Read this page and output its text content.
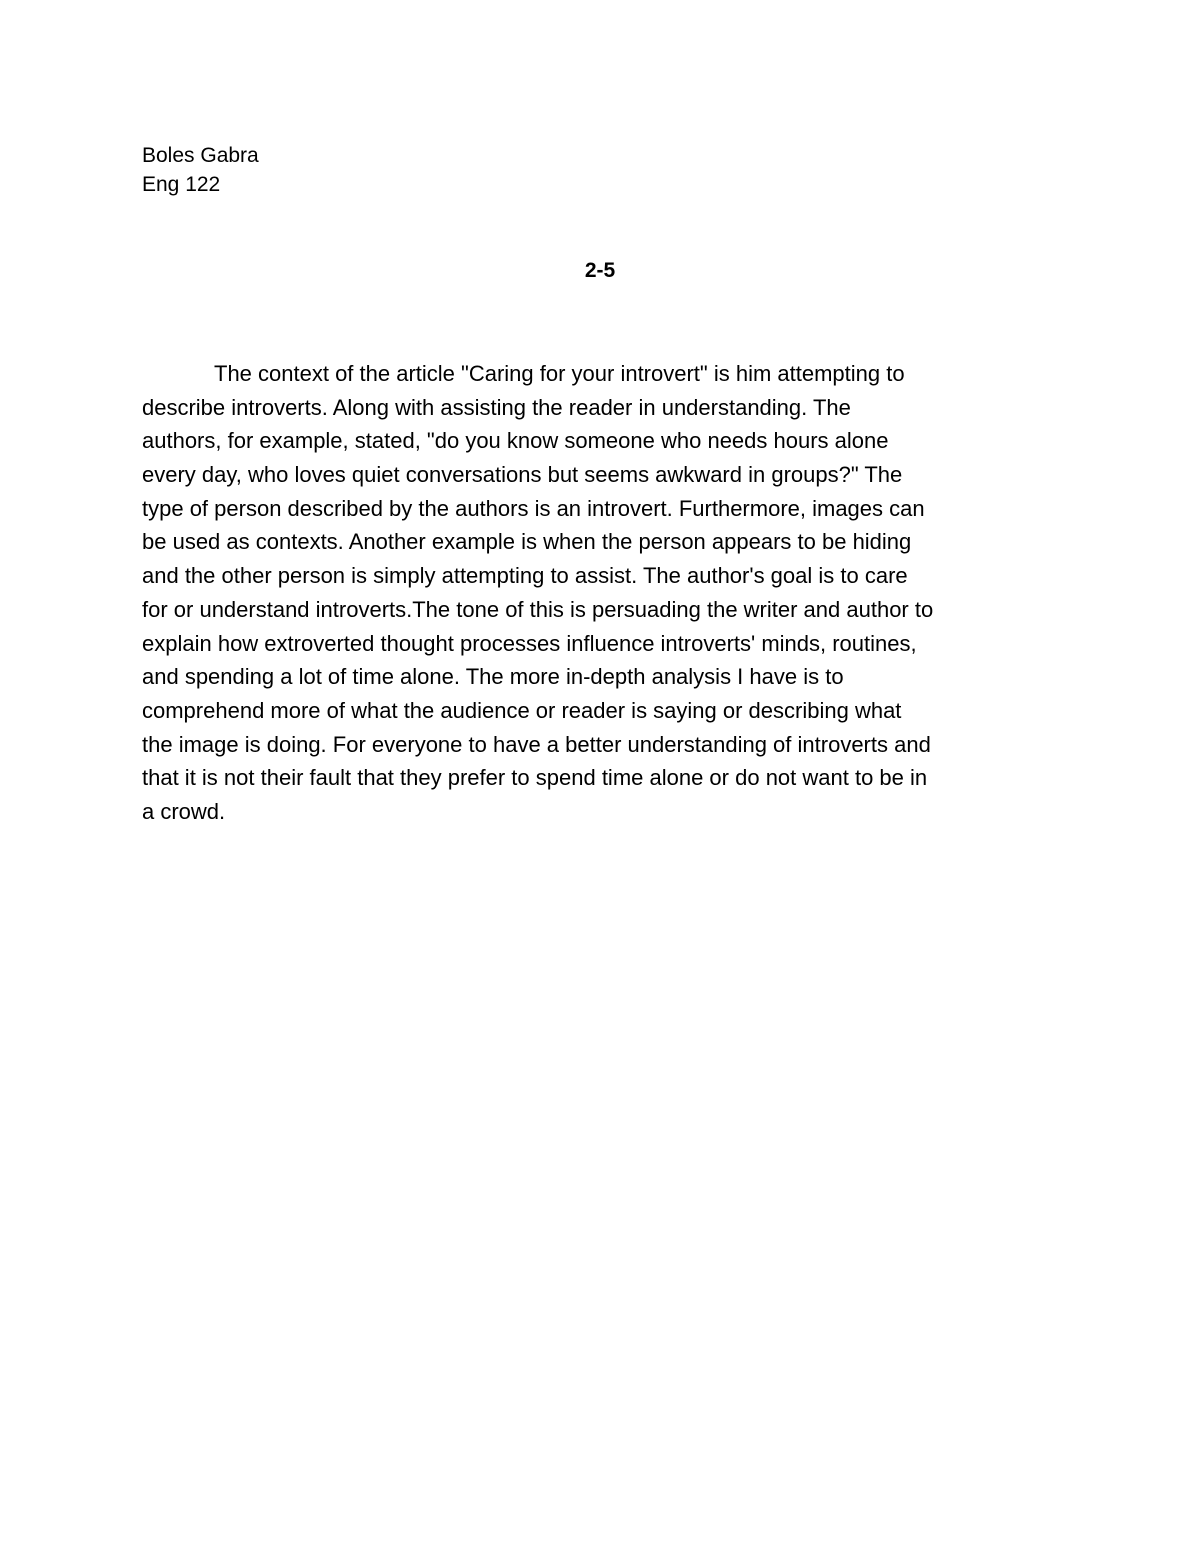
Boles Gabra
Eng 122
2-5
The context of the article "Caring for your introvert" is him attempting to
describe introverts. Along with assisting the reader in understanding. The
authors, for example, stated, "do you know someone who needs hours alone
every day, who loves quiet conversations but seems awkward in groups?" The
type of person described by the authors is an introvert. Furthermore, images can
be used as contexts. Another example is when the person appears to be hiding
and the other person is simply attempting to assist. The author's goal is to care
for or understand introverts.The tone of this is persuading the writer and author to
explain how extroverted thought processes influence introverts' minds, routines,
and spending a lot of time alone. The more in-depth analysis I have is to
comprehend more of what the audience or reader is saying or describing what
the image is doing. For everyone to have a better understanding of introverts and
that it is not their fault that they prefer to spend time alone or do not want to be in
a crowd.
